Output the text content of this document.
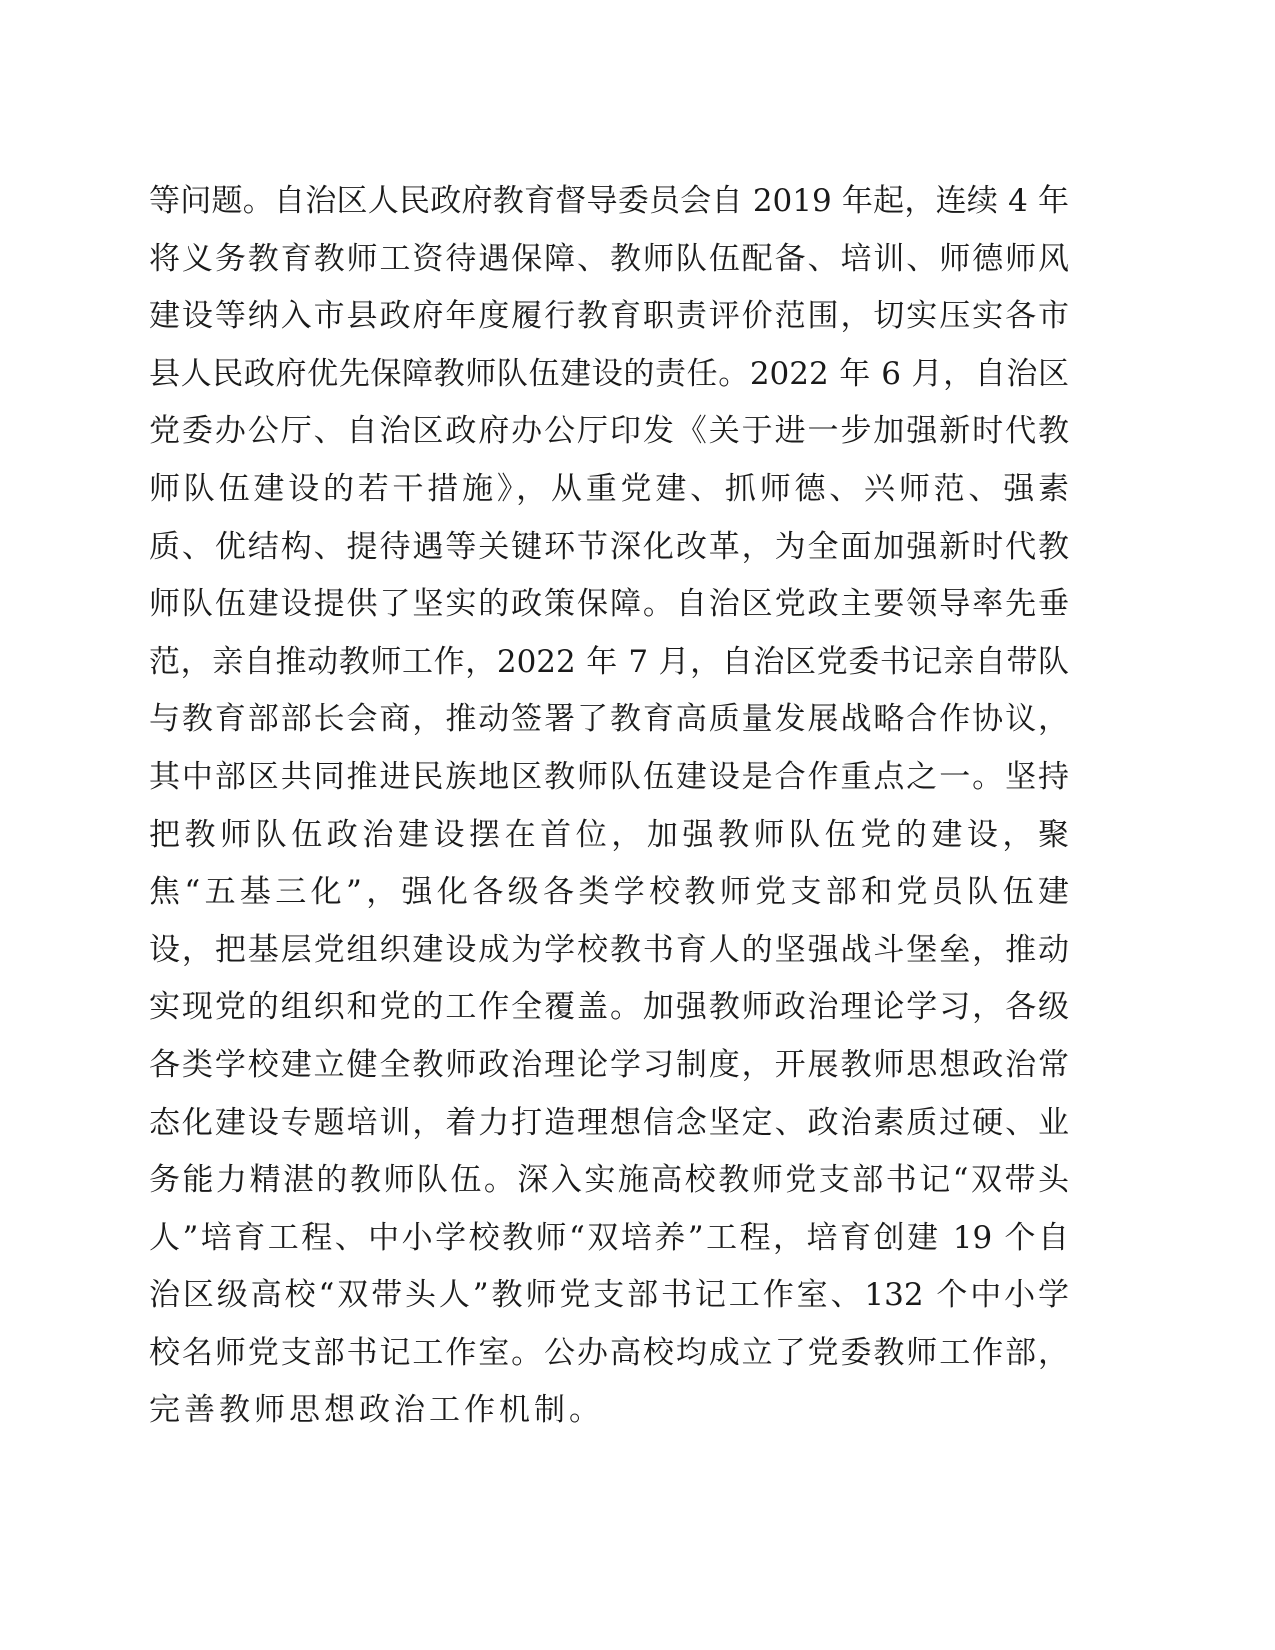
等问题。自治区人民政府教育督导委员会自 2019 年起，连续 4 年
将义务教育教师工资待遇保障、教师队伍配备、培训、师德师风
建设等纳入市县政府年度履行教育职责评价范围，切实压实各市
县人民政府优先保障教师队伍建设的责任。2022 年 6 月，自治区
党委办公厅、自治区政府办公厅印发《关于进一步加强新时代教
师队伍建设的若干措施》，从重党建、抓师德、兴师范、强素
质、优结构、提待遇等关键环节深化改革，为全面加强新时代教
师队伍建设提供了坚实的政策保障。自治区党政主要领导率先垂
范，亲自推动教师工作，2022 年 7 月，自治区党委书记亲自带队
与教育部部长会商，推动签署了教育高质量发展战略合作协议，
其中部区共同推进民族地区教师队伍建设是合作重点之一。坚持
把教师队伍政治建设摆在首位，加强教师队伍党的建设，聚
焦“五基三化”，强化各级各类学校教师党支部和党员队伍建
设，把基层党组织建设成为学校教书育人的坚强战斗堡垒，推动
实现党的组织和党的工作全覆盖。加强教师政治理论学习，各级
各类学校建立健全教师政治理论学习制度，开展教师思想政治常
态化建设专题培训，着力打造理想信念坚定、政治素质过硬、业
务能力精湛的教师队伍。深入实施高校教师党支部书记“双带头
人”培育工程、中小学校教师“双培养”工程，培育创建 19 个自
治区级高校“双带头人”教师党支部书记工作室、132 个中小学
校名师党支部书记工作室。公办高校均成立了党委教师工作部，
完善教师思想政治工作机制。
